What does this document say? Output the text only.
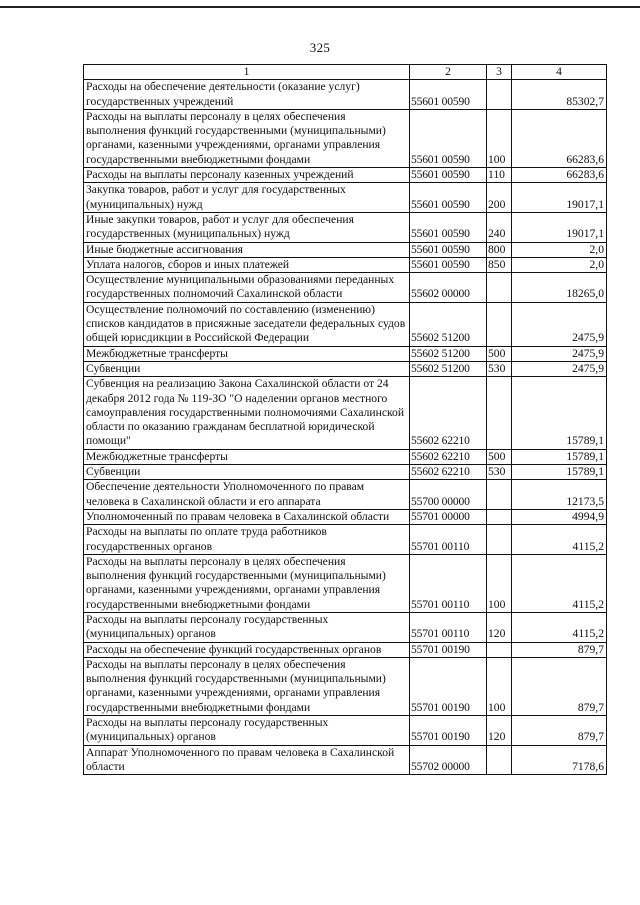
325
1	2	3	4
Расходы на обеспечение деятельности (оказание услуг) государственных учреждений	55601 00590		85302,7
Расходы на выплаты персоналу в целях обеспечения выполнения функций государственными (муниципальными) органами, казенными учреждениями, органами управления государственными внебюджетными фондами	55601 00590	100	66283,6
Расходы на выплаты персоналу казенных учреждений	55601 00590	110	66283,6
Закупка товаров, работ и услуг для государственных (муниципальных) нужд	55601 00590	200	19017,1
Иные закупки товаров, работ и услуг для обеспечения государственных (муниципальных) нужд	55601 00590	240	19017,1
Иные бюджетные ассигнования	55601 00590	800	2,0
Уплата налогов, сборов и иных платежей	55601 00590	850	2,0
Осуществление муниципальными образованиями переданных государственных полномочий Сахалинской области	55602 00000		18265,0
Осуществление полномочий по составлению (изменению) списков кандидатов в присяжные заседатели федеральных судов общей юрисдикции в Российской Федерации	55602 51200		2475,9
Межбюджетные трансферты	55602 51200	500	2475,9
Субвенции	55602 51200	530	2475,9
Субвенция на реализацию Закона Сахалинской области от 24 декабря 2012 года № 119-ЗО "О наделении органов местного самоуправления государственными полномочиями Сахалинской области по оказанию гражданам бесплатной юридической помощи"	55602 62210		15789,1
Межбюджетные трансферты	55602 62210	500	15789,1
Субвенции	55602 62210	530	15789,1
Обеспечение деятельности Уполномоченного по правам человека в Сахалинской области и его аппарата	55700 00000		12173,5
Уполномоченный по правам человека в Сахалинской области	55701 00000		4994,9
Расходы на выплаты по оплате труда работников государственных органов	55701 00110		4115,2
Расходы на выплаты персоналу в целях обеспечения выполнения функций государственными (муниципальными) органами, казенными учреждениями, органами управления государственными внебюджетными фондами	55701 00110	100	4115,2
Расходы на выплаты персоналу государственных (муниципальных) органов	55701 00110	120	4115,2
Расходы на обеспечение функций государственных органов	55701 00190		879,7
Расходы на выплаты персоналу в целях обеспечения выполнения функций государственными (муниципальными) органами, казенными учреждениями, органами управления государственными внебюджетными фондами	55701 00190	100	879,7
Расходы на выплаты персоналу государственных (муниципальных) органов	55701 00190	120	879,7
Аппарат Уполномоченного по правам человека в Сахалинской области	55702 00000		7178,6
